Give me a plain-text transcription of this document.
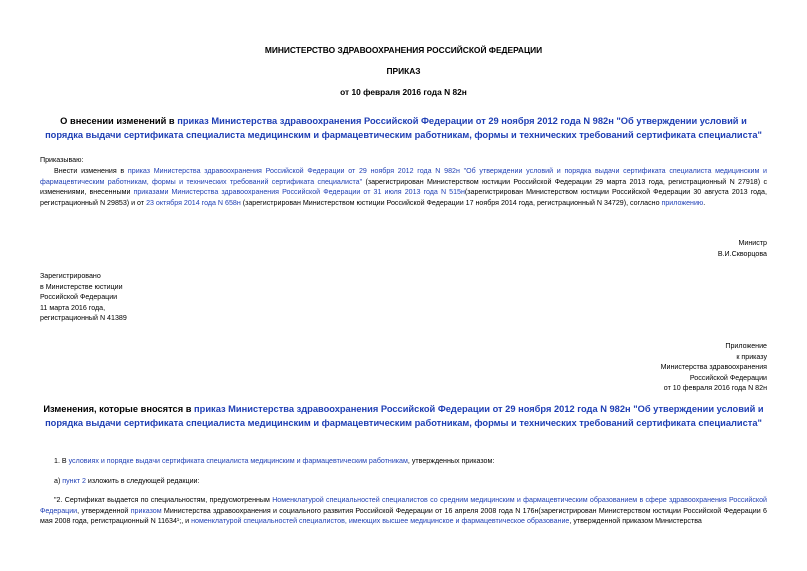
МИНИСТЕРСТВО ЗДРАВООХРАНЕНИЯ РОССИЙСКОЙ ФЕДЕРАЦИИ
ПРИКАЗ
от 10 февраля 2016 года N 82н
О внесении изменений в приказ Министерства здравоохранения Российской Федерации от 29 ноября 2012 года N 982н "Об утверждении условий и порядка выдачи сертификата специалиста медицинским и фармацевтическим работникам, формы и технических требований сертификата специалиста"
Приказываю:
Внести изменения в приказ Министерства здравоохранения Российской Федерации от 29 ноября 2012 года N 982н "Об утверждении условий и порядка выдачи сертификата специалиста медицинским и фармацевтическим работникам, формы и технических требований сертификата специалиста" (зарегистрирован Министерством юстиции Российской Федерации 29 марта 2013 года, регистрационный N 27918) с изменениями, внесенными приказами Министерства здравоохранения Российской Федерации от 31 июля 2013 года N 515н(зарегистрирован Министерством юстиции Российской Федерации 30 августа 2013 года, регистрационный N 29853) и от 23 октября 2014 года N 658н (зарегистрирован Министерством юстиции Российской Федерации 17 ноября 2014 года, регистрационный N 34729), согласно приложению.
Министр
В.И.Скворцова
Зарегистрировано
в Министерстве юстиции
Российской Федерации
11 марта 2016 года,
регистрационный N 41389
Приложение
к приказу
Министерства здравоохранения
Российской Федерации
от 10 февраля 2016 года N 82н
Изменения, которые вносятся в приказ Министерства здравоохранения Российской Федерации от 29 ноября 2012 года N 982н "Об утверждении условий и порядка выдачи сертификата специалиста медицинским и фармацевтическим работникам, формы и технических требований сертификата специалиста"
1. В условиях и порядке выдачи сертификата специалиста медицинским и фармацевтическим работникам, утвержденных приказом:
а) пункт 2 изложить в следующей редакции:
"2. Сертификат выдается по специальностям, предусмотренным Номенклатурой специальностей специалистов со средним медицинским и фармацевтическим образованием в сфере здравоохранения Российской Федерации, утвержденной приказом Министерства здравоохранения и социального развития Российской Федерации от 16 апреля 2008 года N 176н(зарегистрирован Министерством юстиции Российской Федерации 6 мая 2008 года, регистрационный N 11634¹;, и номенклатурой специальностей специалистов, имеющих высшее медицинское и фармацевтическое образование, утвержденной приказом Министерства
